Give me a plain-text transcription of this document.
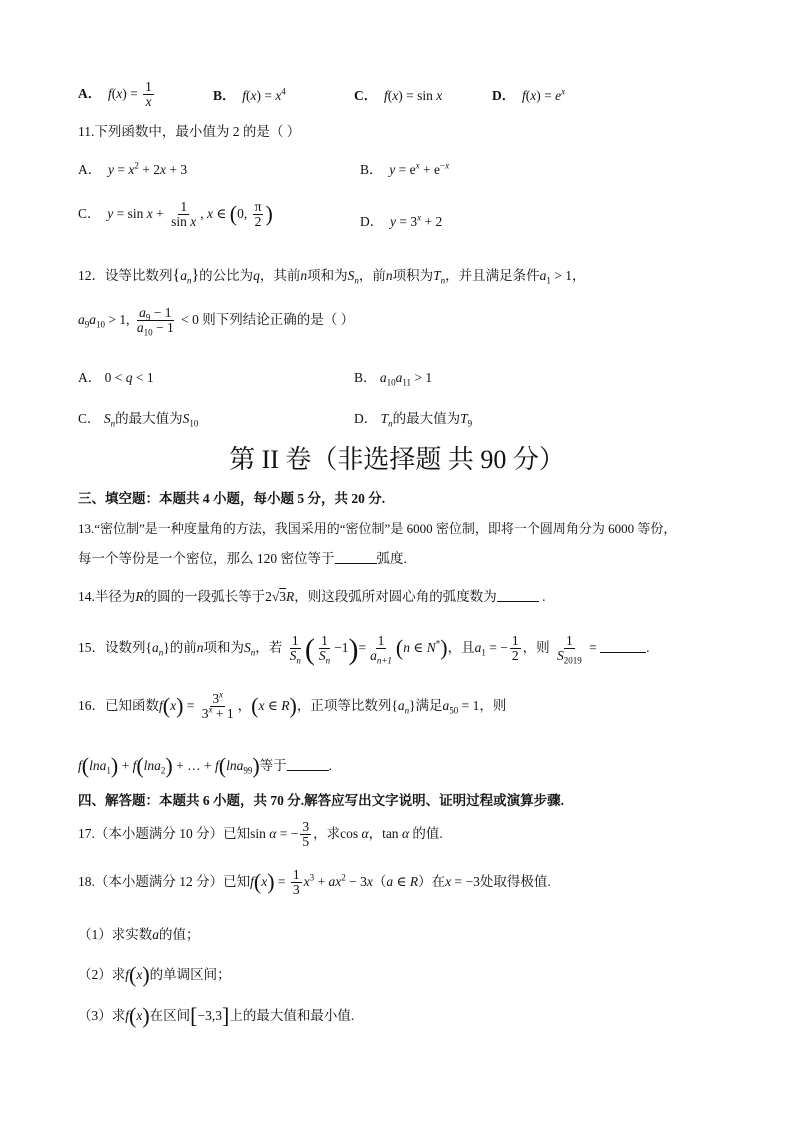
A．  $f(x) = \frac{1}{x}$	B．  $f(x) = x^4$	C．  f(x) = sin x	D．  $f(x) = e^x$
11.下列函数中，最小值为 2 的是（ ）
A．  $y = x^2 + 2x + 3$	B．  $y = e^x + e^{-x}$
C．  $y = \sin x + \frac{1}{\text{sin x}}$ , x ∈ (0, $\frac{\pi}{2}$ )	D．  $y = 3^x + 2$
12．设等比数列$\{a_n\}$的公比为q，其前n项和为$S_n$，前n项积为$T_n$，并且满足条件$a_1 > 1$，
$a_9a_{10} > 1$, $\frac{a_9 - 1}{a_{10} - 1} < 0$ 则下列结论正确的是（ ）
A． 0 < q < 1	B． $a_{10}a_{11} > 1$
C． $S_n$的最大值为$S_{10}$	D． $T_n$的最大值为$T_9$
第 II 卷（非选择题 共 90 分）
三、填空题：本题共 4 小题，每小题 5 分，共 20 分.
13.“密位制”是一种度量角的方法，我国采用的“密位制”是 6000 密位制，即将一个圆周角分为 6000 等份，
每一个等份是一个密位，那么 120 密位等于	弧度.
14.半径为R的圆的一段弧长等于2√3R，则这段弧所对圆心角的弧度数为	.
15．设数列$\{a_n\}$的前n项和为$S_n$，若 $\frac{1}{S_n}$ ( $\frac{1}{S_n} -1)= \frac{1}{a_{n+1}} (n$ ∈ N*)，且$a_1$ = − $\frac{1}{2}$ ，则 $\frac{1}{S_{2019}}$ =	.
16．已知函数$f(x) = \frac{3^x}{3^x + 1}$ ，(x ∈ R)，正项等比数列$\{a_n\}$满足$a_{50} = 1$，则
f(lna$_1$) + f(lna$_2$) + … + f(lna$_{99}$)等于	.
四、解答题：本题共 6 小题，共 70 分.解答应写出文字说明、证明过程或演算步骤.
17.（本小题满分 10 分）已知sin α = − $\frac{3}{5}$ ，求cos α，tan α 的值.
18.（本小题满分 12 分）已知$f(x) = \frac{1}{3} x^3 + ax^2 - 3x(a$ ∈ R）在x = −3处取得极值.
（1）求实数a的值；
（2）求f(x)的单调区间；
（3）求f(x)在区间[−3,3]上的最大值和最小值.
